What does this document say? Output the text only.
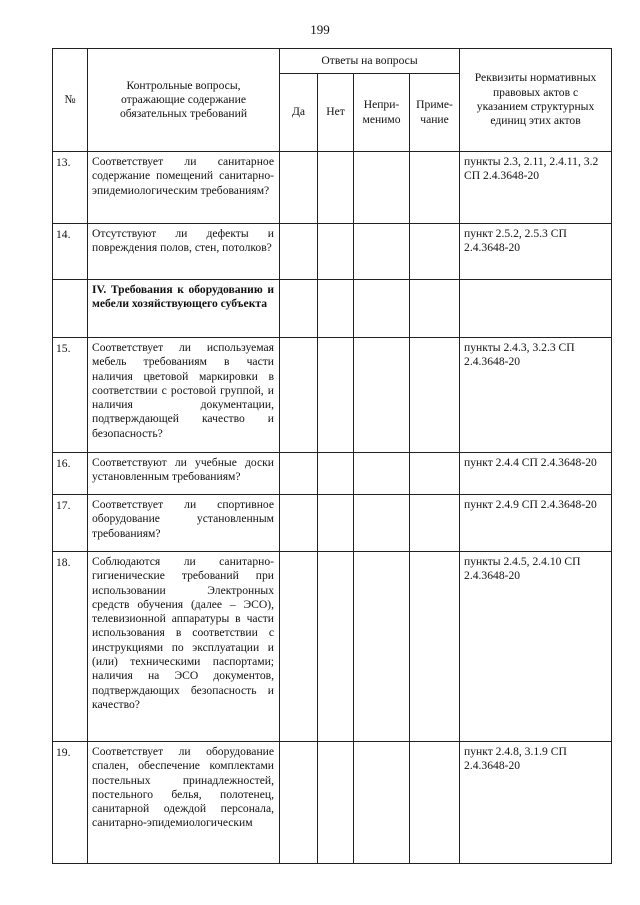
199
№	Контрольные вопросы, отражающие содержание обязательных требований	Ответы на вопросы				Реквизиты нормативных правовых актов с указанием структурных единиц этих актов
		Да	Нет	Непри-менимо	Приме-чание	
13.	Соответствует ли санитарное содержание помещений санитарно-эпидемиологическим требованиям?					пункты 2.3, 2.11, 2.4.11, 3.2 СП 2.4.3648-20
14.	Отсутствуют ли дефекты и повреждения полов, стен, потолков?					пункт 2.5.2, 2.5.3 СП 2.4.3648-20
	IV. Требования к оборудованию и мебели хозяйствующего субъекта					
15.	Соответствует ли используемая мебель требованиям в части наличия цветовой маркировки в соответствии с ростовой группой, и наличия документации, подтверждающей качество и безопасность?					пункты 2.4.3, 3.2.3 СП 2.4.3648-20
16.	Соответствуют ли учебные доски установленным требованиям?					пункт 2.4.4 СП 2.4.3648-20
17.	Соответствует ли спортивное оборудование установленным требованиям?					пункт 2.4.9 СП 2.4.3648-20
18.	Соблюдаются ли санитарно-гигиенические требований при использовании Электронных средств обучения (далее – ЭСО), телевизионной аппаратуры в части использования в соответствии с инструкциями по эксплуатации и (или) техническими паспортами; наличия на ЭСО документов, подтверждающих безопасность и качество?					пункты 2.4.5, 2.4.10 СП 2.4.3648-20
19.	Соответствует ли оборудование спален, обеспечение комплектами постельных принадлежностей, постельного белья, полотенец, санитарной одеждой персонала, санитарно-эпидемиологическим					пункт 2.4.8, 3.1.9 СП 2.4.3648-20
